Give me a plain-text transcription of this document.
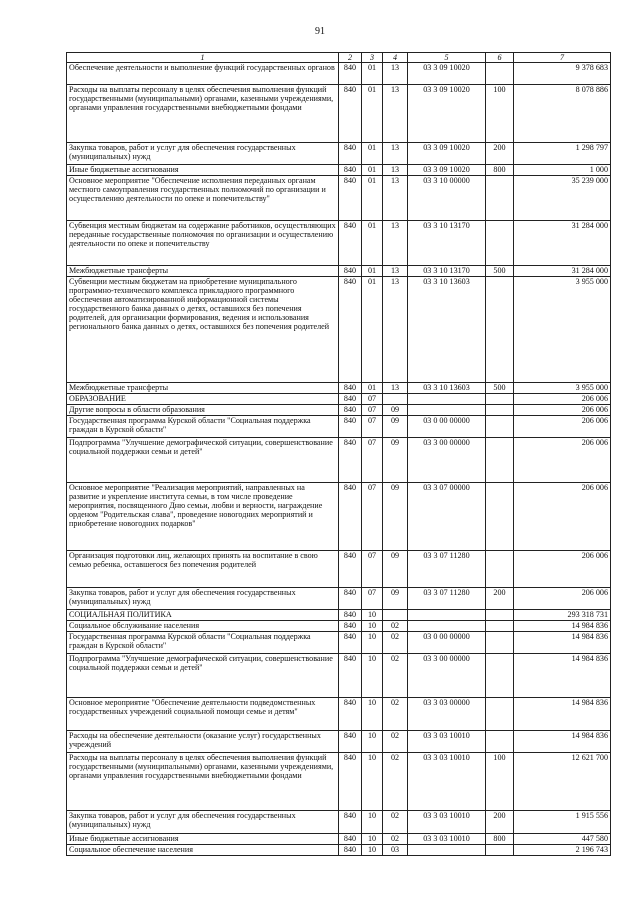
91
1	2	3	4	5	6	7
Обеспечение деятельности и выполнение функций государственных органов	840	01	13	03 3 09 10020		9 378 683
Расходы на выплаты персоналу в целях обеспечения выполнения функций государственными (муниципальными) органами, казенными учреждениями, органами управления государственными внебюджетными фондами	840	01	13	03 3 09 10020	100	8 078 886
Закупка товаров, работ и услуг для обеспечения государственных (муниципальных) нужд	840	01	13	03 3 09 10020	200	1 298 797
Иные бюджетные ассигнования	840	01	13	03 3 09 10020	800	1 000
Основное мероприятие "Обеспечение исполнения переданных органам местного самоуправления государственных полномочий по организации и осуществлению деятельности по опеке и попечительству"	840	01	13	03 3 10 00000		35 239 000
Субвенция местным бюджетам на содержание работников, осуществляющих переданные государственные полномочия по организации и осуществлению деятельности по опеке и попечительству	840	01	13	03 3 10 13170		31 284 000
Межбюджетные трансферты	840	01	13	03 3 10 13170	500	31 284 000
Субвенции местным бюджетам на приобретение муниципального программно-технического комплекса прикладного программного обеспечения автоматизированной информационной системы государственного банка данных о детях, оставшихся без попечения родителей, для организации формирования, ведения и использования регионального банка данных о детях, оставшихся без попечения родителей	840	01	13	03 3 10 13603		3 955 000
Межбюджетные трансферты	840	01	13	03 3 10 13603	500	3 955 000
ОБРАЗОВАНИЕ	840	07				206 006
Другие вопросы в области образования	840	07	09			206 006
Государственная программа Курской области "Социальная поддержка граждан в Курской области"	840	07	09	03 0 00 00000		206 006
Подпрограмма "Улучшение демографической ситуации, совершенствование социальной поддержки семьи и детей"	840	07	09	03 3 00 00000		206 006
Основное мероприятие "Реализация мероприятий, направленных на развитие и укрепление института семьи, в том числе проведение мероприятия, посвященного Дню семьи, любви и верности, награждение орденом "Родительская слава", проведение новогодних мероприятий и приобретение новогодних подарков"	840	07	09	03 3 07 00000		206 006
Организация подготовки лиц, желающих принять на воспитание в свою семью ребенка, оставшегося без попечения родителей	840	07	09	03 3 07 11280		206 006
Закупка товаров, работ и услуг для обеспечения государственных (муниципальных) нужд	840	07	09	03 3 07 11280	200	206 006
СОЦИАЛЬНАЯ ПОЛИТИКА	840	10				293 318 731
Социальное обслуживание населения	840	10	02			14 984 836
Государственная программа Курской области "Социальная поддержка граждан в Курской области"	840	10	02	03 0 00 00000		14 984 836
Подпрограмма "Улучшение демографической ситуации, совершенствование социальной поддержки семьи и детей"	840	10	02	03 3 00 00000		14 984 836
Основное мероприятие "Обеспечение деятельности подведомственных государственных учреждений социальной помощи семье и детям"	840	10	02	03 3 03 00000		14 984 836
Расходы на обеспечение деятельности (оказание услуг) государственных учреждений	840	10	02	03 3 03 10010		14 984 836
Расходы на выплаты персоналу в целях обеспечения выполнения функций государственными (муниципальными) органами, казенными учреждениями, органами управления государственными внебюджетными фондами	840	10	02	03 3 03 10010	100	12 621 700
Закупка товаров, работ и услуг для обеспечения государственных (муниципальных) нужд	840	10	02	03 3 03 10010	200	1 915 556
Иные бюджетные ассигнования	840	10	02	03 3 03 10010	800	447 580
Социальное обеспечение населения	840	10	03			2 196 743
